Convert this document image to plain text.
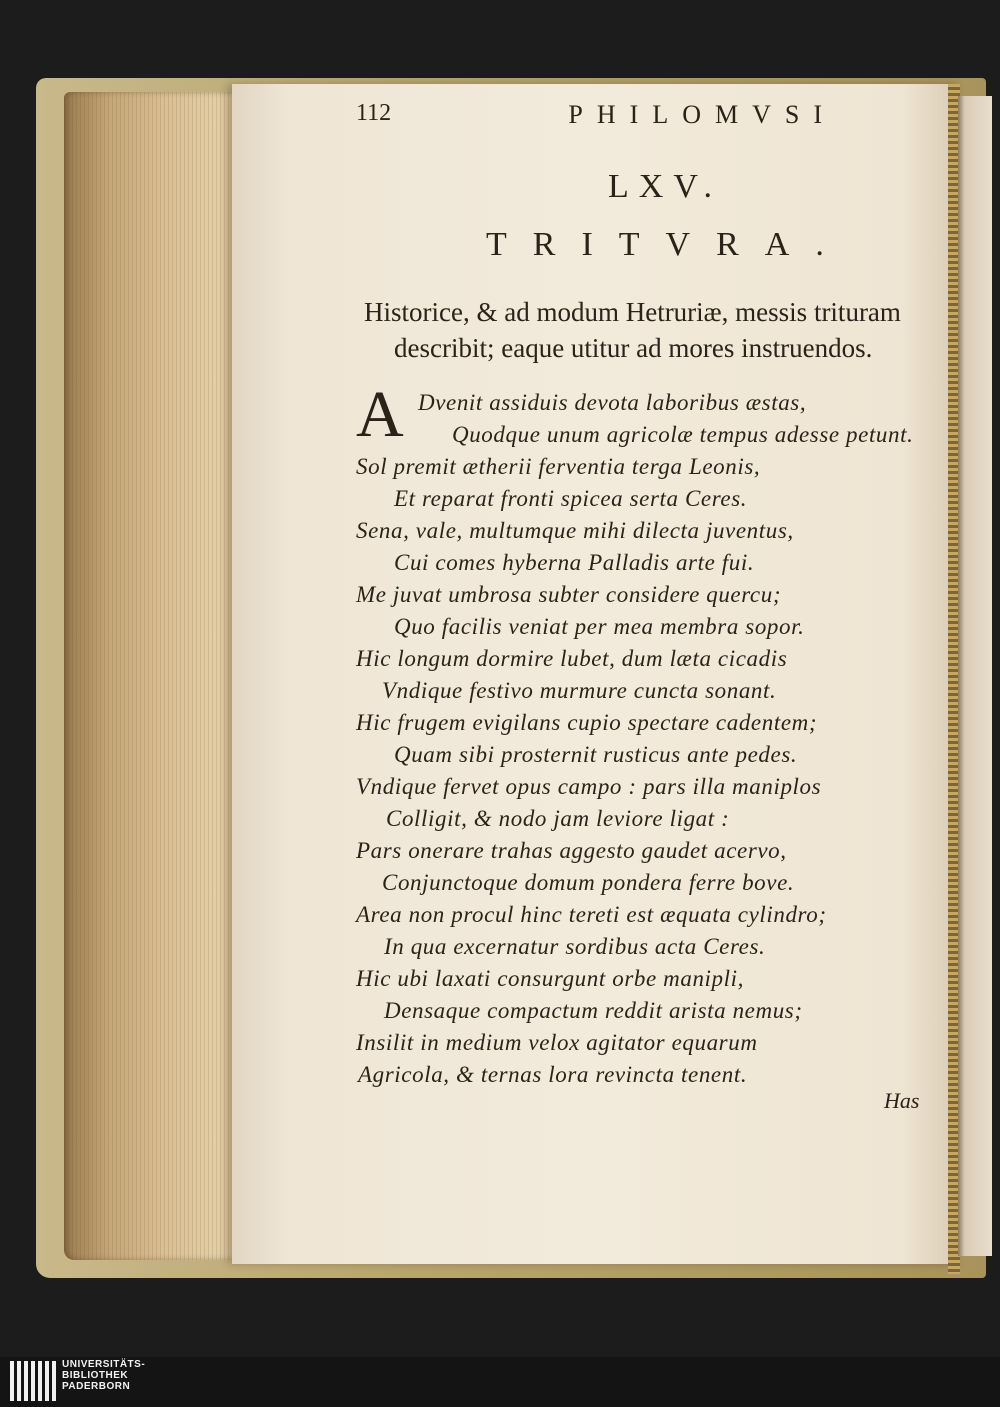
112	PHILOMVSI
LXV.
TRITVRA.
Historice, & ad modum Hetruriæ, messis trituram
describit; eaque utitur ad mores instruendos.
A Dvenit assiduis devota laboribus æstas,
Quodque unum agricolæ tempus adesse petunt.
Sol premit ætherii ferventia terga Leonis,
Et reparat fronti spicea serta Ceres.
Sena, vale, multumque mihi dilecta juventus,
Cui comes hyberna Palladis arte fui.
Me juvat umbrosa subter considere quercu;
Quo facilis veniat per mea membra sopor.
Hic longum dormire lubet, dum læta cicadis
Vndique festivo murmure cuncta sonant.
Hic frugem evigilans cupio spectare cadentem;
Quam sibi prosternit rusticus ante pedes.
Vndique fervet opus campo : pars illa maniplos
Colligit, & nodo jam leviore ligat :
Pars onerare trahas aggesto gaudet acervo,
Conjunctoque domum pondera ferre bove.
Area non procul hinc tereti est æquata cylindro;
In qua excernatur sordibus acta Ceres.
Hic ubi laxati consurgunt orbe manipli,
Densaque compactum reddit arista nemus;
Insilit in medium velox agitator equarum
Agricola, & ternas lora revincta tenent.
Has
UNIVERSITÄTS-
BIBLIOTHEK
PADERBORN
